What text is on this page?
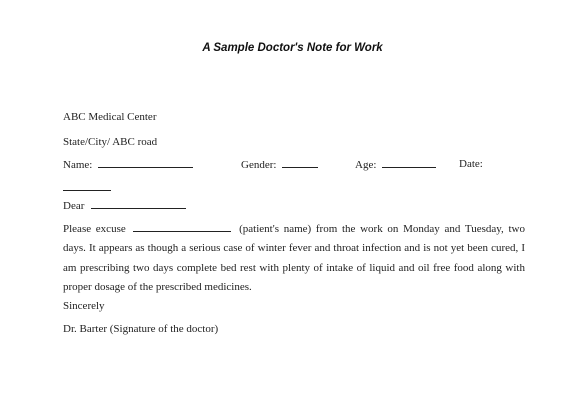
A Sample Doctor's Note for Work
ABC Medical Center
State/City/ ABC road
Name:	Gender:	Age:	Date:
Dear
Please excuse	(patient's name) from the work on Monday and Tuesday, two days. It appears as though a serious case of winter fever and throat infection and is not yet been cured, I am prescribing two days complete bed rest with plenty of intake of liquid and oil free food along with proper dosage of the prescribed medicines.
Sincerely
Dr. Barter (Signature of the doctor)
